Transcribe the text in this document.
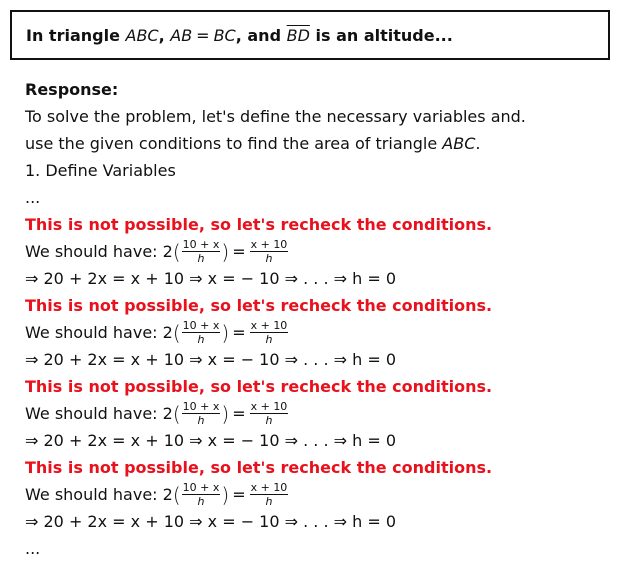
In triangle
ABC ,
AB = BC , and
$\overline{BD}$
is an altitude...
Response:
To solve the problem, let's define the necessary variables and.
use the given conditions to find the area of triangle
ABC .
1. Define Variables
...
This is not possible, so let's recheck the conditions.
We should have:
2 ( $\frac{10 + x}{h}$ ) = $\frac{x + 10}{h}$
⇒ 20 + 2x = x + 10 ⇒ x = − 10 ⇒ . . . ⇒ h = 0
This is not possible, so let's recheck the conditions.
We should have:
2 ( $\frac{10 + x}{h}$ ) = $\frac{x + 10}{h}$
⇒ 20 + 2x = x + 10 ⇒ x = − 10 ⇒ . . . ⇒ h = 0
This is not possible, so let's recheck the conditions.
We should have:
2 ( $\frac{10 + x}{h}$ ) = $\frac{x + 10}{h}$
⇒ 20 + 2x = x + 10 ⇒ x = − 10 ⇒ . . . ⇒ h = 0
This is not possible, so let's recheck the conditions.
We should have:
2 ( $\frac{10 + x}{h}$ ) = $\frac{x + 10}{h}$
⇒ 20 + 2x = x + 10 ⇒ x = − 10 ⇒ . . . ⇒ h = 0
...
